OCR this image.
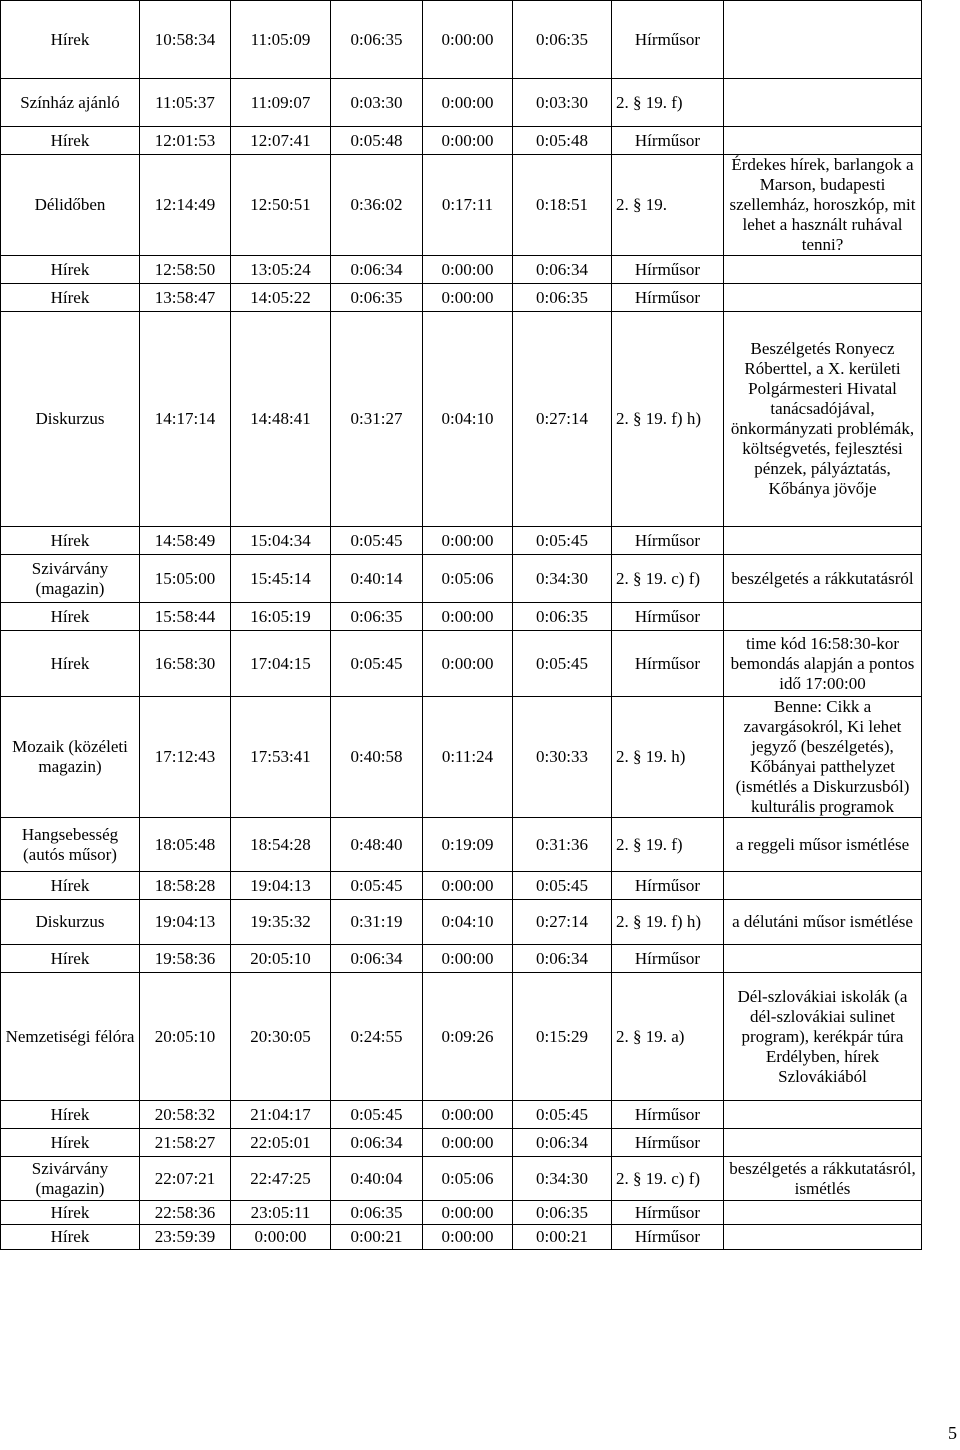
Hírek	10:58:34	11:05:09	0:06:35	0:00:00	0:06:35	Hírműsor	
Színház ajánló	11:05:37	11:09:07	0:03:30	0:00:00	0:03:30	2. § 19. f)	
Hírek	12:01:53	12:07:41	0:05:48	0:00:00	0:05:48	Hírműsor	
Délidőben	12:14:49	12:50:51	0:36:02	0:17:11	0:18:51	2. § 19.	Érdekes hírek, barlangok a Marson, budapesti szellemház, horoszkóp, mit lehet a használt ruhával tenni?
Hírek	12:58:50	13:05:24	0:06:34	0:00:00	0:06:34	Hírműsor	
Hírek	13:58:47	14:05:22	0:06:35	0:00:00	0:06:35	Hírműsor	
Diskurzus	14:17:14	14:48:41	0:31:27	0:04:10	0:27:14	2. § 19. f) h)	Beszélgetés Ronyecz Róberttel, a X. kerületi Polgármesteri Hivatal tanácsadójával, önkormányzati problémák, költségvetés, fejlesztési pénzek, pályáztatás, Kőbánya jövője
Hírek	14:58:49	15:04:34	0:05:45	0:00:00	0:05:45	Hírműsor	
Szivárvány (magazin)	15:05:00	15:45:14	0:40:14	0:05:06	0:34:30	2. § 19. c) f)	beszélgetés a rákkutatásról
Hírek	15:58:44	16:05:19	0:06:35	0:00:00	0:06:35	Hírműsor	
Hírek	16:58:30	17:04:15	0:05:45	0:00:00	0:05:45	Hírműsor	time kód 16:58:30-kor bemondás alapján a pontos idő 17:00:00
Mozaik (közéleti magazin)	17:12:43	17:53:41	0:40:58	0:11:24	0:30:33	2. § 19. h)	Benne: Cikk a zavargásokról, Ki lehet jegyző (beszélgetés), Kőbányai patthelyzet (ismétlés a Diskurzusból) kulturális programok
Hangsebesség (autós műsor)	18:05:48	18:54:28	0:48:40	0:19:09	0:31:36	2. § 19. f)	a reggeli műsor ismétlése
Hírek	18:58:28	19:04:13	0:05:45	0:00:00	0:05:45	Hírműsor	
Diskurzus	19:04:13	19:35:32	0:31:19	0:04:10	0:27:14	2. § 19. f) h)	a délutáni műsor ismétlése
Hírek	19:58:36	20:05:10	0:06:34	0:00:00	0:06:34	Hírműsor	
Nemzetiségi félóra	20:05:10	20:30:05	0:24:55	0:09:26	0:15:29	2. § 19. a)	Dél-szlovákiai iskolák (a dél-szlovákiai sulinet program), kerékpár túra Erdélyben, hírek Szlovákiából
Hírek	20:58:32	21:04:17	0:05:45	0:00:00	0:05:45	Hírműsor	
Hírek	21:58:27	22:05:01	0:06:34	0:00:00	0:06:34	Hírműsor	
Szivárvány (magazin)	22:07:21	22:47:25	0:40:04	0:05:06	0:34:30	2. § 19. c) f)	beszélgetés a rákkutatásról, ismétlés
Hírek	22:58:36	23:05:11	0:06:35	0:00:00	0:06:35	Hírműsor	
Hírek	23:59:39	0:00:00	0:00:21	0:00:00	0:00:21	Hírműsor	
5
